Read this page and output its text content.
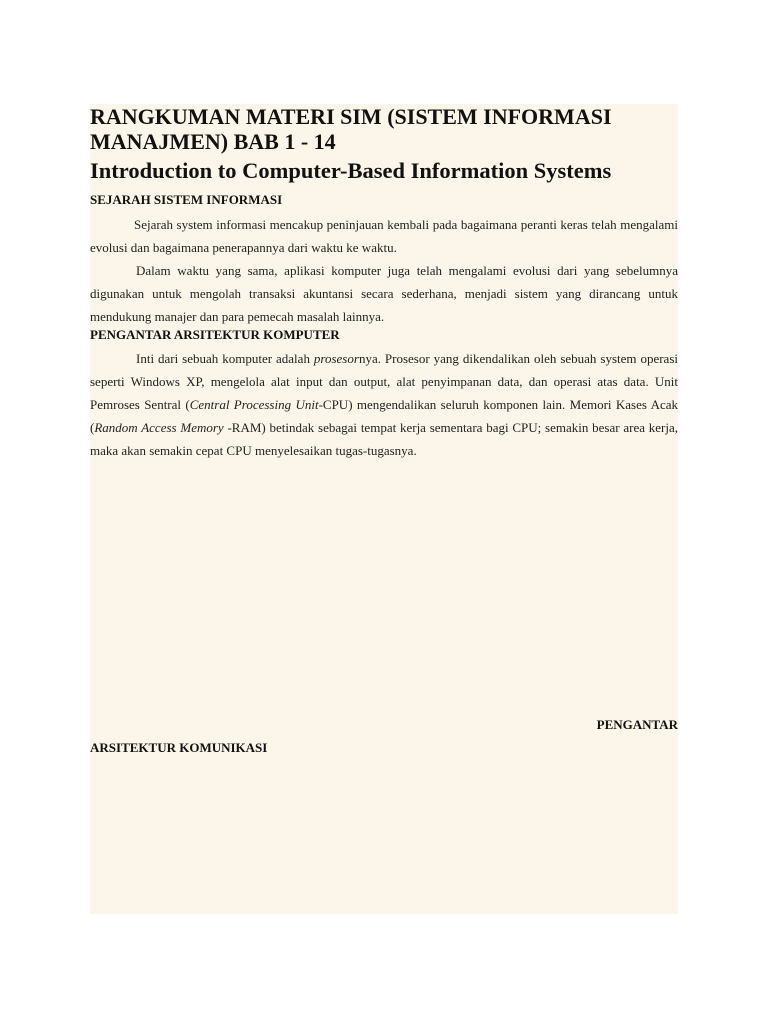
RANGKUMAN MATERI SIM (SISTEM INFORMASI MANAJMEN) BAB 1 - 14
Introduction to Computer-Based Information Systems
SEJARAH SISTEM INFORMASI

Sejarah system informasi mencakup peninjauan kembali pada bagaimana peranti keras telah mengalami evolusi dan bagaimana penerapannya dari waktu ke waktu.

Dalam waktu yang sama, aplikasi komputer juga telah mengalami evolusi dari yang sebelumnya digunakan untuk mengolah transaksi akuntansi secara sederhana, menjadi sistem yang dirancang untuk mendukung manajer dan para pemecah masalah lainnya.

PENGANTAR ARSITEKTUR KOMPUTER

Inti dari sebuah komputer adalah prosesornya. Prosesor yang dikendalikan oleh sebuah system operasi seperti Windows XP, mengelola alat input dan output, alat penyimpanan data, dan operasi atas data. Unit Pemroses Sentral (Central Processing Unit-CPU) mengendalikan seluruh komponen lain. Memori Kases Acak (Random Access Memory -RAM) betindak sebagai tempat kerja sementara bagi CPU; semakin besar area kerja, maka akan semakin cepat CPU menyelesaikan tugas-tugasnya.

PENGANTAR
ARSITEKTUR KOMUNIKASI
